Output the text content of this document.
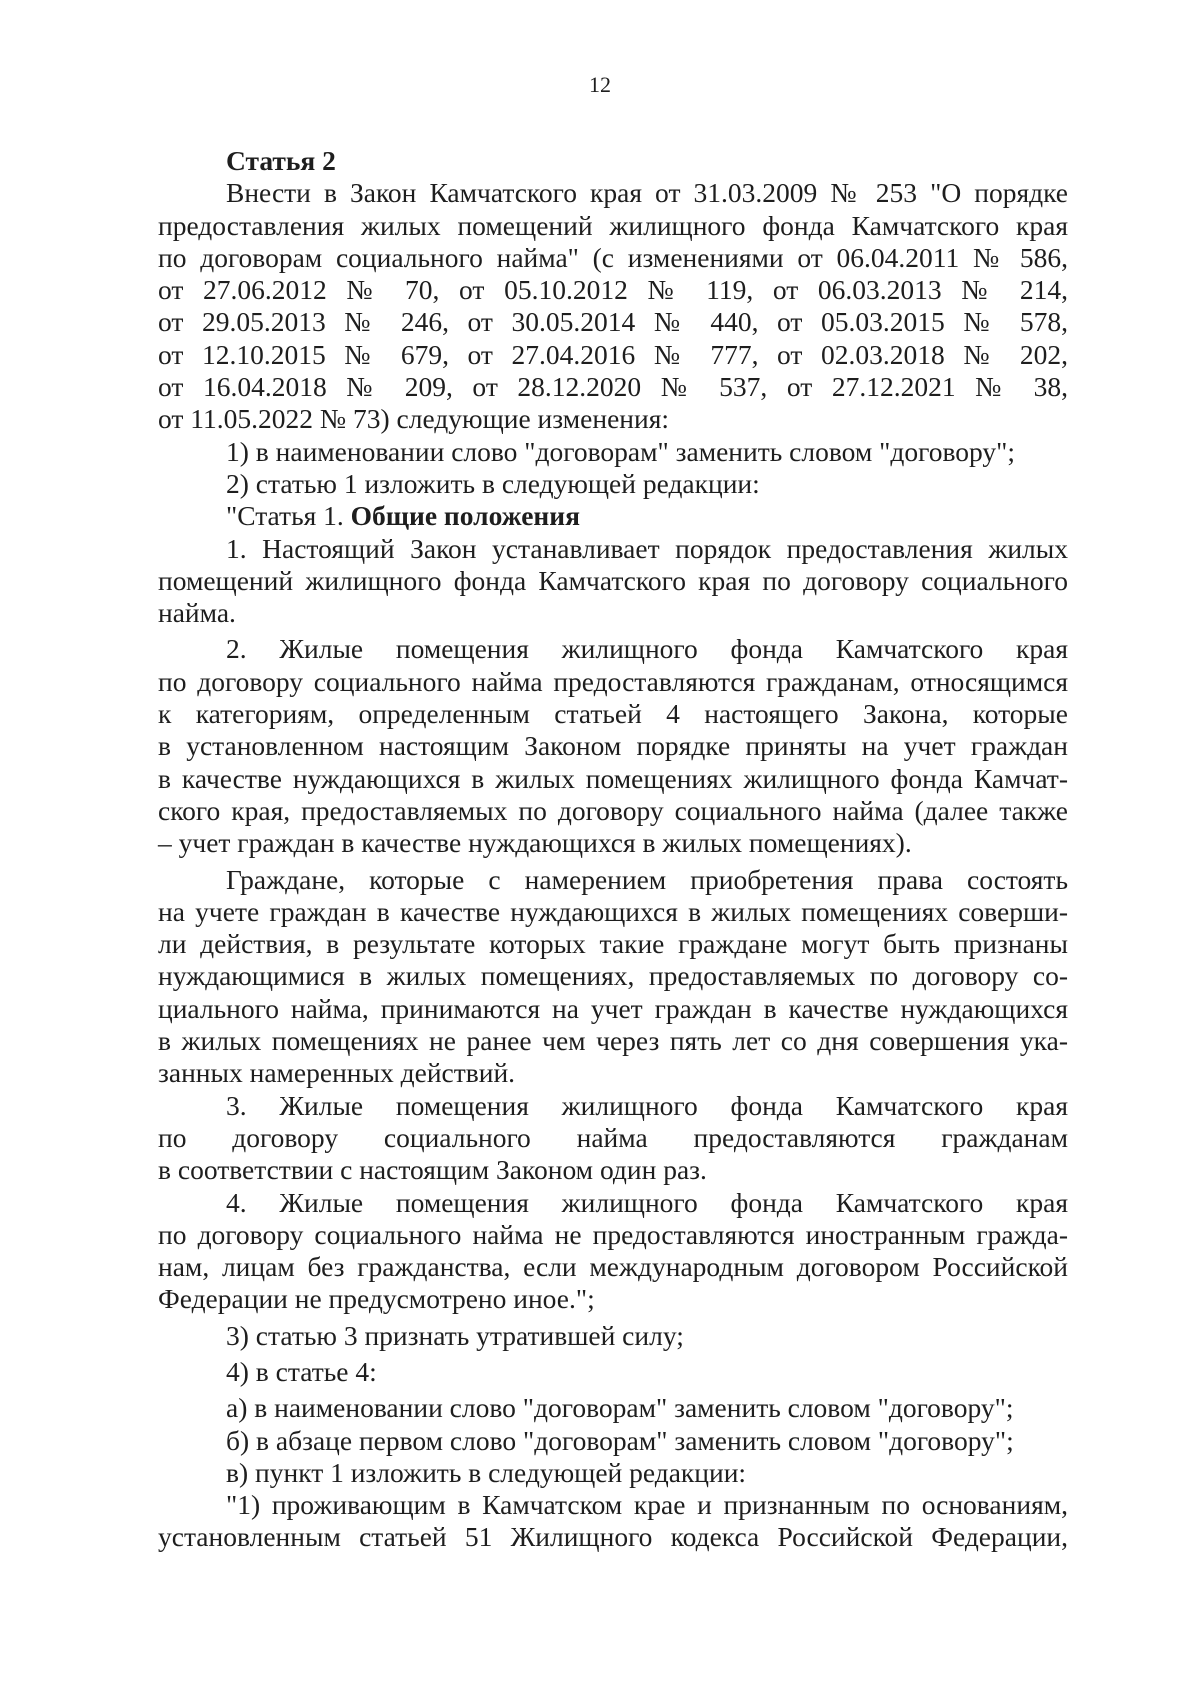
12

Статья 2

Внести в Закон Камчатского края от 31.03.2009 № 253 "О порядке

предоставления жилых помещений жилищного фонда Камчатского края

по договорам социального найма" (с изменениями от 06.04.2011 № 586,

от 27.06.2012 № 70, от 05.10.2012 № 119, от 06.03.2013 № 214,

от 29.05.2013 № 246, от 30.05.2014 № 440, от 05.03.2015 № 578,

от 12.10.2015 № 679, от 27.04.2016 № 777, от 02.03.2018 № 202,

от 16.04.2018 № 209, от 28.12.2020 № 537, от 27.12.2021 № 38,

от 11.05.2022 № 73) следующие изменения:

1) в наименовании слово "договорам" заменить словом "договору";

2) статью 1 изложить в следующей редакции:

"Статья 1. Общие положения

1. Настоящий Закон устанавливает порядок предоставления жилых

помещений жилищного фонда Камчатского края по договору социального

найма.

2. Жилые помещения жилищного фонда Камчатского края

по договору социального найма предоставляются гражданам, относящимся

к категориям, определенным статьей 4 настоящего Закона, которые

в установленном настоящим Законом порядке приняты на учет граждан

в качестве нуждающихся в жилых помещениях жилищного фонда Камчат-

ского края, предоставляемых по договору социального найма (далее также

– учет граждан в качестве нуждающихся в жилых помещениях).

Граждане, которые с намерением приобретения права состоять

на учете граждан в качестве нуждающихся в жилых помещениях соверши-

ли действия, в результате которых такие граждане могут быть признаны

нуждающимися в жилых помещениях, предоставляемых по договору со-

циального найма, принимаются на учет граждан в качестве нуждающихся

в жилых помещениях не ранее чем через пять лет со дня совершения ука-

занных намеренных действий.

3. Жилые помещения жилищного фонда Камчатского края

по договору социального найма предоставляются гражданам

в соответствии с настоящим Законом один раз.

4. Жилые помещения жилищного фонда Камчатского края

по договору социального найма не предоставляются иностранным гражда-

нам, лицам без гражданства, если международным договором Российской

Федерации не предусмотрено иное.";

3) статью 3 признать утратившей силу;

4) в статье 4:

а) в наименовании слово "договорам" заменить словом "договору";

б) в абзаце первом слово "договорам" заменить словом "договору";

в) пункт 1 изложить в следующей редакции:

"1) проживающим в Камчатском крае и признанным по основаниям,

установленным статьей 51 Жилищного кодекса Российской Федерации,
